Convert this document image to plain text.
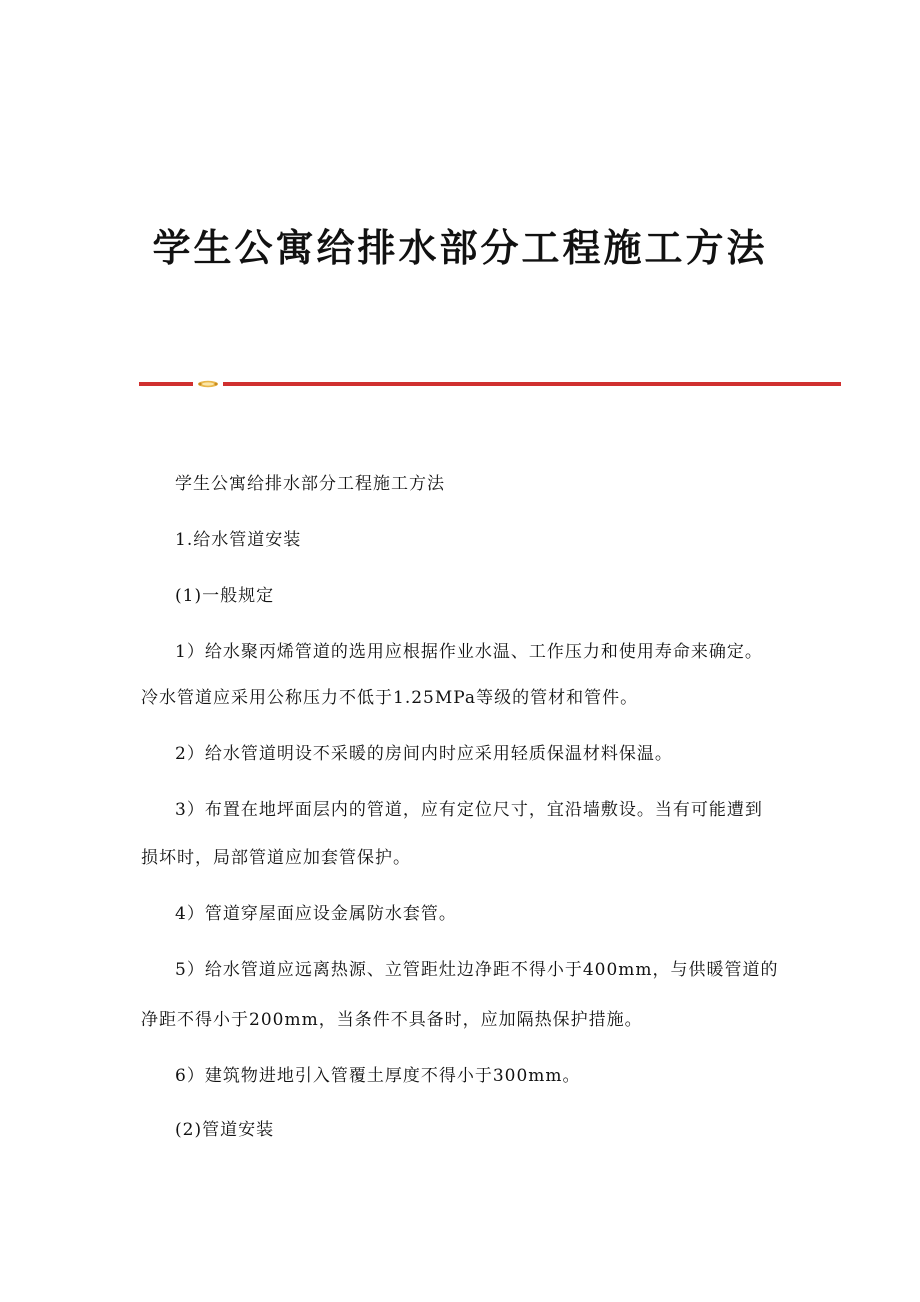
学生公寓给排水部分工程施工方法
学生公寓给排水部分工程施工方法
1.给水管道安装
(1)一般规定
1）给水聚丙烯管道的选用应根据作业水温、工作压力和使用寿命来确定。
冷水管道应采用公称压力不低于1.25MPa等级的管材和管件。
2）给水管道明设不采暖的房间内时应采用轻质保温材料保温。
3）布置在地坪面层内的管道，应有定位尺寸，宜沿墙敷设。当有可能遭到
损坏时，局部管道应加套管保护。
4）管道穿屋面应设金属防水套管。
5）给水管道应远离热源、立管距灶边净距不得小于400mm，与供暖管道的
净距不得小于200mm，当条件不具备时，应加隔热保护措施。
6）建筑物进地引入管覆土厚度不得小于300mm。
(2)管道安装
